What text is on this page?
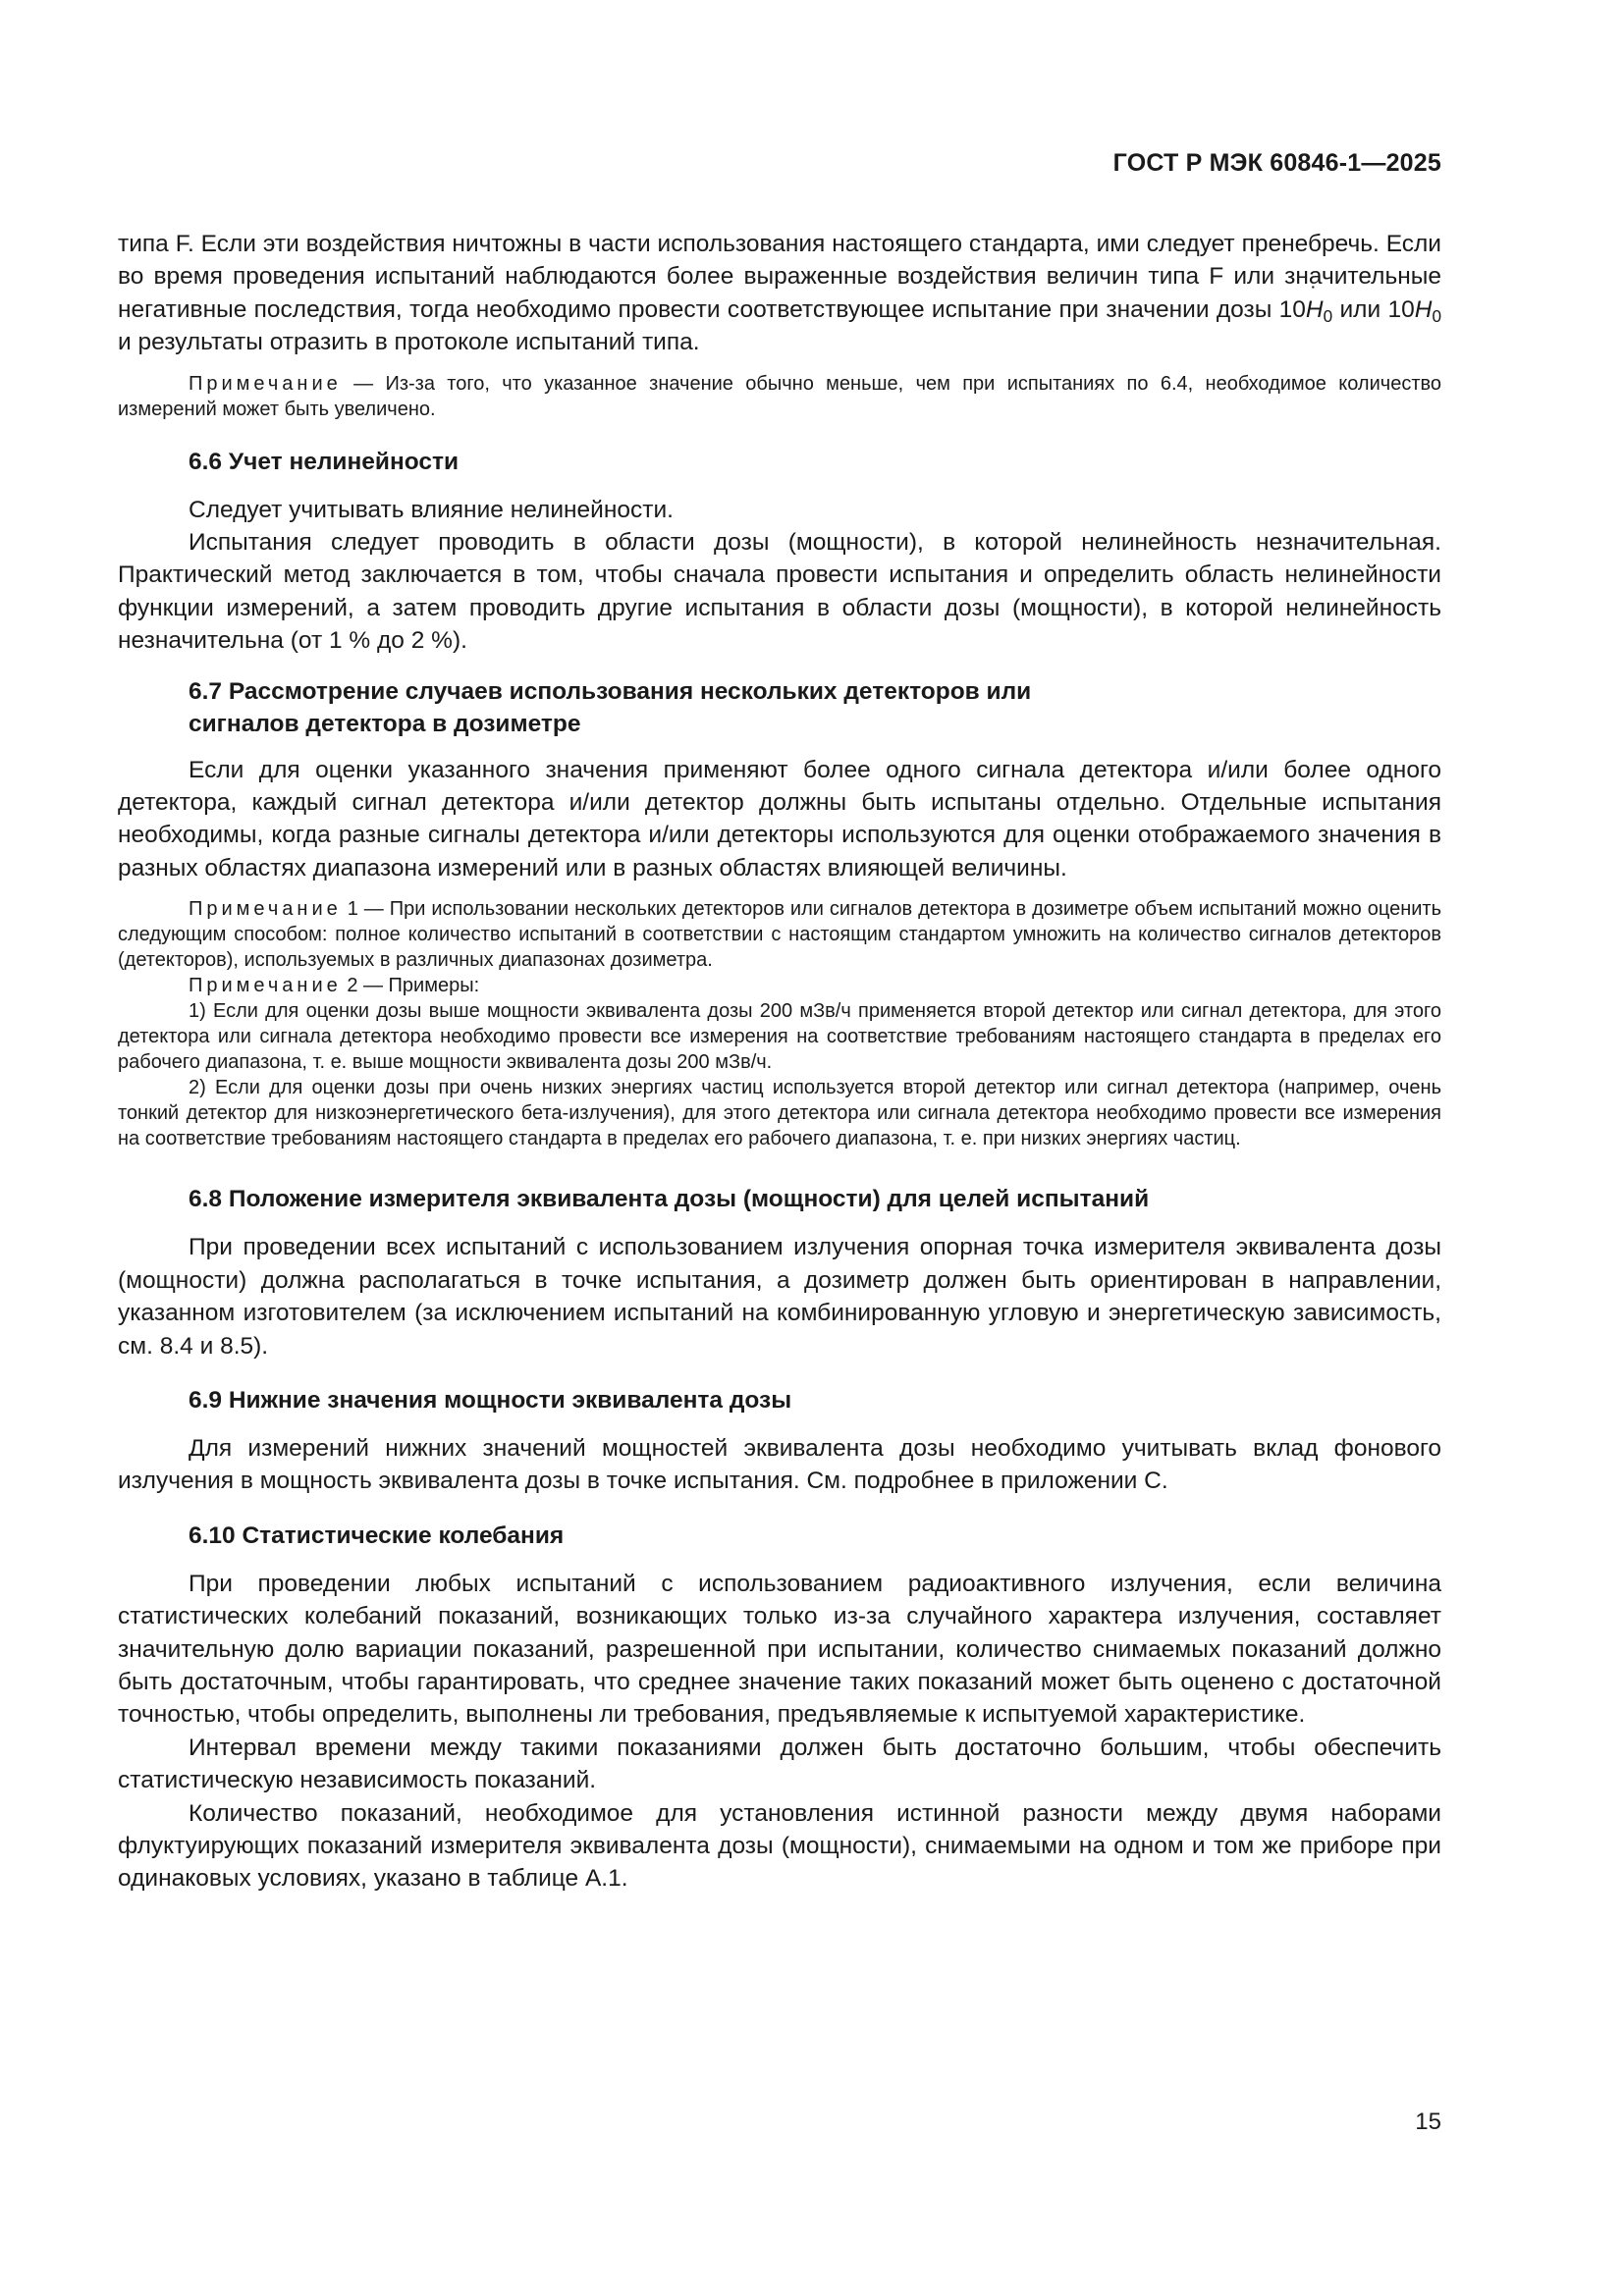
ГОСТ Р МЭК 60846-1—2025

типа F. Если эти воздействия ничтожны в части использования настоящего стандарта, ими следует пренебречь. Если во время проведения испытаний наблюдаются более выраженные воздействия величин типа F или значительные негативные последствия, тогда необходимо провести соответствующее испытание при значении дозы 10H $˙_0$ или $10H_0$ и результаты отразить в протоколе испытаний типа.

Примечание — Из-за того, что указанное значение обычно меньше, чем при испытаниях по 6.4, необходимое количество измерений может быть увеличено.

6.6 Учет нелинейности

Следует учитывать влияние нелинейности.

Испытания следует проводить в области дозы (мощности), в которой нелинейность незначительная. Практический метод заключается в том, чтобы сначала провести испытания и определить область нелинейности функции измерений, а затем проводить другие испытания в области дозы (мощности), в которой нелинейность незначительна (от 1 % до 2 %).

6.7 Рассмотрение случаев использования нескольких детекторов или
сигналов детектора в дозиметре

Если для оценки указанного значения применяют более одного сигнала детектора и/или более одного детектора, каждый сигнал детектора и/или детектор должны быть испытаны отдельно. Отдельные испытания необходимы, когда разные сигналы детектора и/или детекторы используются для оценки отображаемого значения в разных областях диапазона измерений или в разных областях влияющей величины.

Примечание 1 — При использовании нескольких детекторов или сигналов детектора в дозиметре объем испытаний можно оценить следующим способом: полное количество испытаний в соответствии с настоящим стандартом умножить на количество сигналов детекторов (детекторов), используемых в различных диапазонах дозиметра.

Примечание 2 — Примеры:

1) Если для оценки дозы выше мощности эквивалента дозы 200 мЗв/ч применяется второй детектор или сигнал детектора, для этого детектора или сигнала детектора необходимо провести все измерения на соответствие требованиям настоящего стандарта в пределах его рабочего диапазона, т. е. выше мощности эквивалента дозы 200 мЗв/ч.

2) Если для оценки дозы при очень низких энергиях частиц используется второй детектор или сигнал детектора (например, очень тонкий детектор для низкоэнергетического бета-излучения), для этого детектора или сигнала детектора необходимо провести все измерения на соответствие требованиям настоящего стандарта в пределах его рабочего диапазона, т. е. при низких энергиях частиц.

6.8 Положение измерителя эквивалента дозы (мощности) для целей испытаний

При проведении всех испытаний с использованием излучения опорная точка измерителя эквивалента дозы (мощности) должна располагаться в точке испытания, а дозиметр должен быть ориентирован в направлении, указанном изготовителем (за исключением испытаний на комбинированную угловую и энергетическую зависимость, см. 8.4 и 8.5).

6.9 Нижние значения мощности эквивалента дозы

Для измерений нижних значений мощностей эквивалента дозы необходимо учитывать вклад фонового излучения в мощность эквивалента дозы в точке испытания. См. подробнее в приложении С.

6.10 Статистические колебания

При проведении любых испытаний с использованием радиоактивного излучения, если величина статистических колебаний показаний, возникающих только из-за случайного характера излучения, составляет значительную долю вариации показаний, разрешенной при испытании, количество снимаемых показаний должно быть достаточным, чтобы гарантировать, что среднее значение таких показаний может быть оценено с достаточной точностью, чтобы определить, выполнены ли требования, предъявляемые к испытуемой характеристике.

Интервал времени между такими показаниями должен быть достаточно большим, чтобы обеспечить статистическую независимость показаний.

Количество показаний, необходимое для установления истинной разности между двумя наборами флуктуирующих показаний измерителя эквивалента дозы (мощности), снимаемыми на одном и том же приборе при одинаковых условиях, указано в таблице А.1.

15
